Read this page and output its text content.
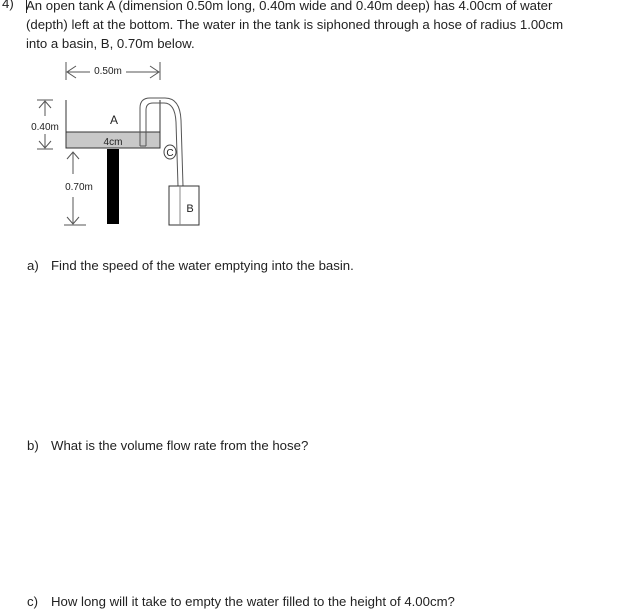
4) An open tank A (dimension 0.50m long, 0.40m wide and 0.40m deep) has 4.00cm of water
(depth) left at the bottom. The water in the tank is siphoned through a hose of radius 1.00cm
into a basin, B, 0.70m below.
0.50m
0.40m
A
4cm
0.70m
C
B
a) Find the speed of the water emptying into the basin.
b) What is the volume flow rate from the hose?
c) How long will it take to empty the water filled to the height of 4.00cm?
